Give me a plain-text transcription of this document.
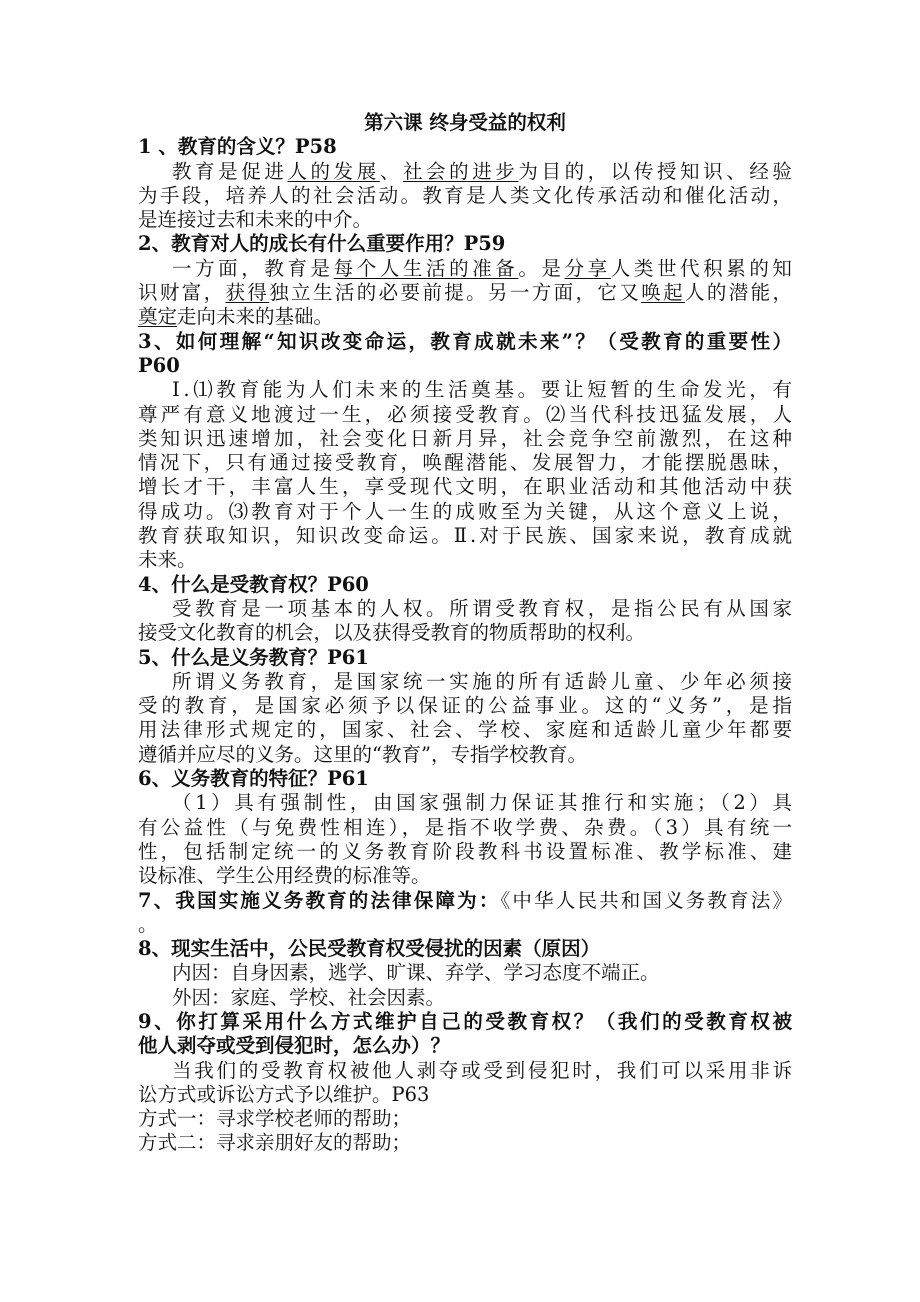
第六课 终身受益的权利
1 、教育的含义？P58
教育是促进人的发展、社会的进步为目的，以传授知识、经验
为手段，培养人的社会活动。教育是人类文化传承活动和催化活动，
是连接过去和未来的中介。
2、教育对人的成长有什么重要作用？P59
一方面，教育是每个人生活的准备。是分享人类世代积累的知
识财富，获得独立生活的必要前提。另一方面，它又唤起人的潜能，
奠定走向未来的基础。
3、如何理解“知识改变命运，教育成就未来”？（受教育的重要性）
P60
Ⅰ.⑴教育能为人们未来的生活奠基。要让短暂的生命发光，有
尊严有意义地渡过一生，必须接受教育。⑵当代科技迅猛发展，人
类知识迅速增加，社会变化日新月异，社会竞争空前激烈，在这种
情况下，只有通过接受教育，唤醒潜能、发展智力，才能摆脱愚昧，
增长才干，丰富人生，享受现代文明，在职业活动和其他活动中获
得成功。⑶教育对于个人一生的成败至为关键，从这个意义上说，
教育获取知识，知识改变命运。Ⅱ.对于民族、国家来说，教育成就
未来。
4、什么是受教育权？P60
受教育是一项基本的人权。所谓受教育权，是指公民有从国家
接受文化教育的机会，以及获得受教育的物质帮助的权利。
5、什么是义务教育？P61
所谓义务教育，是国家统一实施的所有适龄儿童、少年必须接
受的教育，是国家必须予以保证的公益事业。这的“义务”，是指
用法律形式规定的，国家、社会、学校、家庭和适龄儿童少年都要
遵循并应尽的义务。这里的“教育”，专指学校教育。
6、义务教育的特征？P61
（1）具有强制性，由国家强制力保证其推行和实施；（2）具
有公益性（与免费性相连），是指不收学费、杂费。（3）具有统一
性，包括制定统一的义务教育阶段教科书设置标准、教学标准、建
设标准、学生公用经费的标准等。
7、我国实施义务教育的法律保障为：《中华人民共和国义务教育法》
。
8、现实生活中，公民受教育权受侵扰的因素（原因）
内因：自身因素，逃学、旷课、弃学、学习态度不端正。
外因：家庭、学校、社会因素。
9、你打算采用什么方式维护自己的受教育权？（我们的受教育权被
他人剥夺或受到侵犯时，怎么办）？
当我们的受教育权被他人剥夺或受到侵犯时，我们可以采用非诉
讼方式或诉讼方式予以维护。P63
方式一：寻求学校老师的帮助；
方式二：寻求亲朋好友的帮助；
